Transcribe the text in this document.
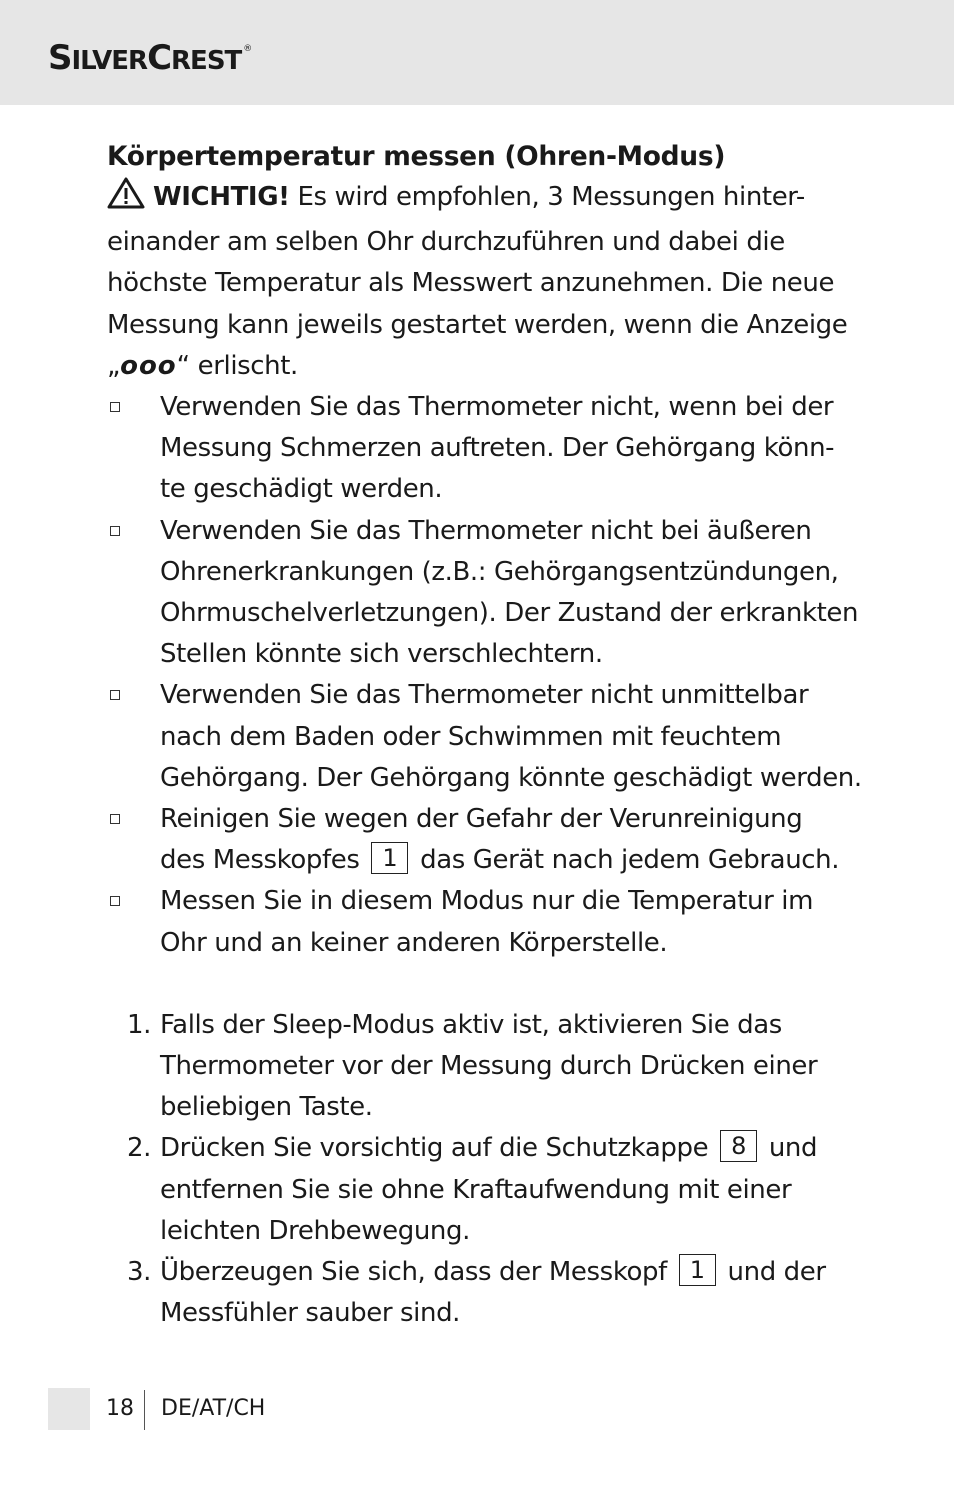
SILVERCREST ®
Körpertemperatur messen (Ohren-Modus)

WICHTIG! Es wird empfohlen, 3 Messungen hinter-
einander am selben Ohr durchzuführen und dabei die
höchste Temperatur als Messwert anzunehmen. Die neue
Messung kann jeweils gestartet werden, wenn die Anzeige
„ooo“ erlischt.

Verwenden Sie das Thermometer nicht, wenn bei der
Messung Schmerzen auftreten. Der Gehörgang könn-
te geschädigt werden.
Verwenden Sie das Thermometer nicht bei äußeren
Ohrenerkrankungen (z.B.: Gehörgangsentzündungen,
Ohrmuschelverletzungen). Der Zustand der erkrankten
Stellen könnte sich verschlechtern.
Verwenden Sie das Thermometer nicht unmittelbar
nach dem Baden oder Schwimmen mit feuchtem
Gehörgang. Der Gehörgang könnte geschädigt werden.
Reinigen Sie wegen der Gefahr der Verunreinigung
des Messkopfes 1 das Gerät nach jedem Gebrauch.
Messen Sie in diesem Modus nur die Temperatur im
Ohr und an keiner anderen Körperstelle.
1. Falls der Sleep-Modus aktiv ist, aktivieren Sie das
Thermometer vor der Messung durch Drücken einer
beliebigen Taste.
2. Drücken Sie vorsichtig auf die Schutzkappe 8 und
entfernen Sie sie ohne Kraftaufwendung mit einer
leichten Drehbewegung.
3. Überzeugen Sie sich, dass der Messkopf 1 und der
Messfühler sauber sind.
18 DE/AT/CH
